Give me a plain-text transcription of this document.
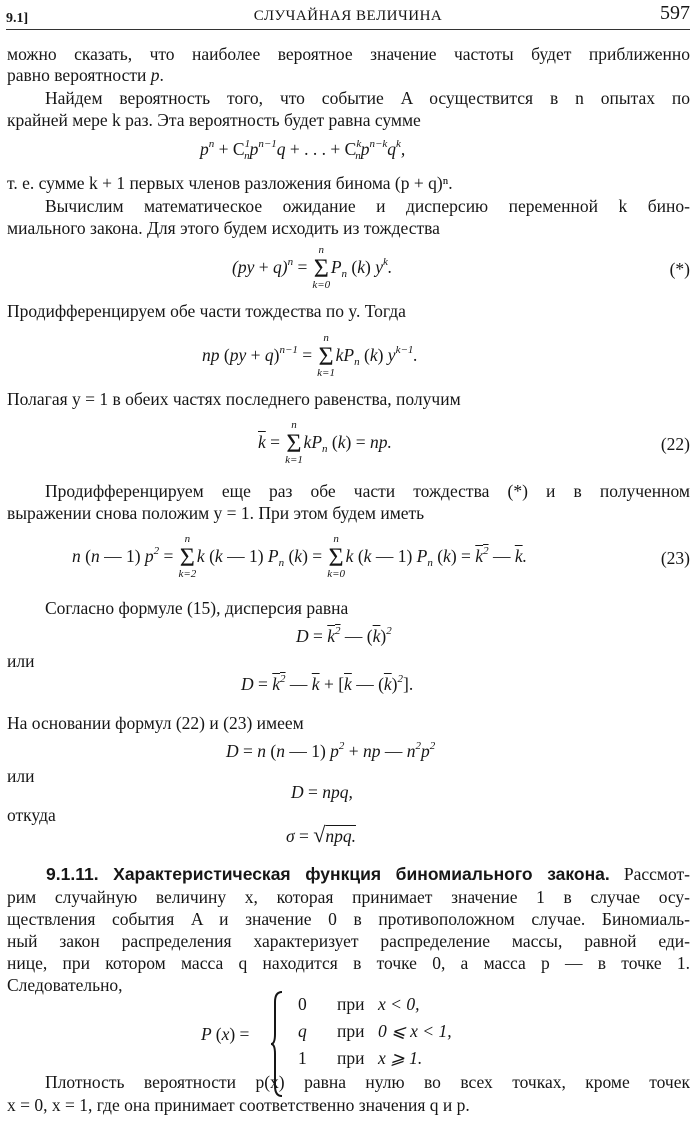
9.1]	СЛУЧАЙНАЯ ВЕЛИЧИНА	597
можно сказать, что наиболее вероятное значение частоты будет приближенно
равно вероятности p.
Найдем вероятность того, что событие A осуществится в n опытах по
крайней мере k раз. Эта вероятность будет равна сумме
$p^n + C^1_np^{n-1}q$ + . . . + $C^k_np^{n-k}q^k$,
т. е. сумме k + 1 первых членов разложения бинома (p + q)ⁿ.
Вычислим математическое ожидание и дисперсию переменной k бино-
миального закона. Для этого будем исходить из тождества
(py + q)$^n$ = Σ
n
k=0
$P_n$ (k) $y^k$.	(*)
Продифференцируем обе части тождества по y. Тогда
np (py + q)$^{n-1}$ = Σ
n
k=1
$kP_n$ (k) $y^{k-1}$.
Полагая y = 1 в обеих частях последнего равенства, получим
$\overline{k} = \Sigma$
n
k=1
$kP_n$ (k) = np.	(22)
Продифференцируем еще раз обе части тождества (*) и в полученном
выражении снова положим y = 1. При этом будем иметь
n (n — 1) $p^2 = \Sigma$
n
k=2
k (k — 1) $P_n$ (k) = Σ
n
k=0
k (k — 1) $P_n$ $(k) = k^2$ — $\overline{k}$.	(23)
Согласно формуле (15), дисперсия равна
$D = k^2$ — $(\overline{k})^2$
или
$D = k^2$ — $\overline{k} + [\overline{k}$ — $(\overline{k})^2$].
На основании формул (22) и (23) имеем
D = n (n — 1) $p^2$ + np — $n^2p^2$
или
D = npq,
откуда
σ = √npq.
9.1.11. Характеристическая функция биномиального закона. Рассмот-
рим случайную величину x, которая принимает значение 1 в случае осу-
ществления события A и значение 0 в противоположном случае. Биномиаль-
ный закон распределения характеризует распределение массы, равной еди-
нице, при котором масса q находится в точке 0, а масса p — в точке 1.
Следовательно,
P (x) =
0 при x < 0,
q при 0 ⩽ x < 1,
1 при x ⩾ 1.
Плотность вероятности p(x) равна нулю во всех точках, кроме точек
x = 0, x = 1, где она принимает соответственно значения q и p.
